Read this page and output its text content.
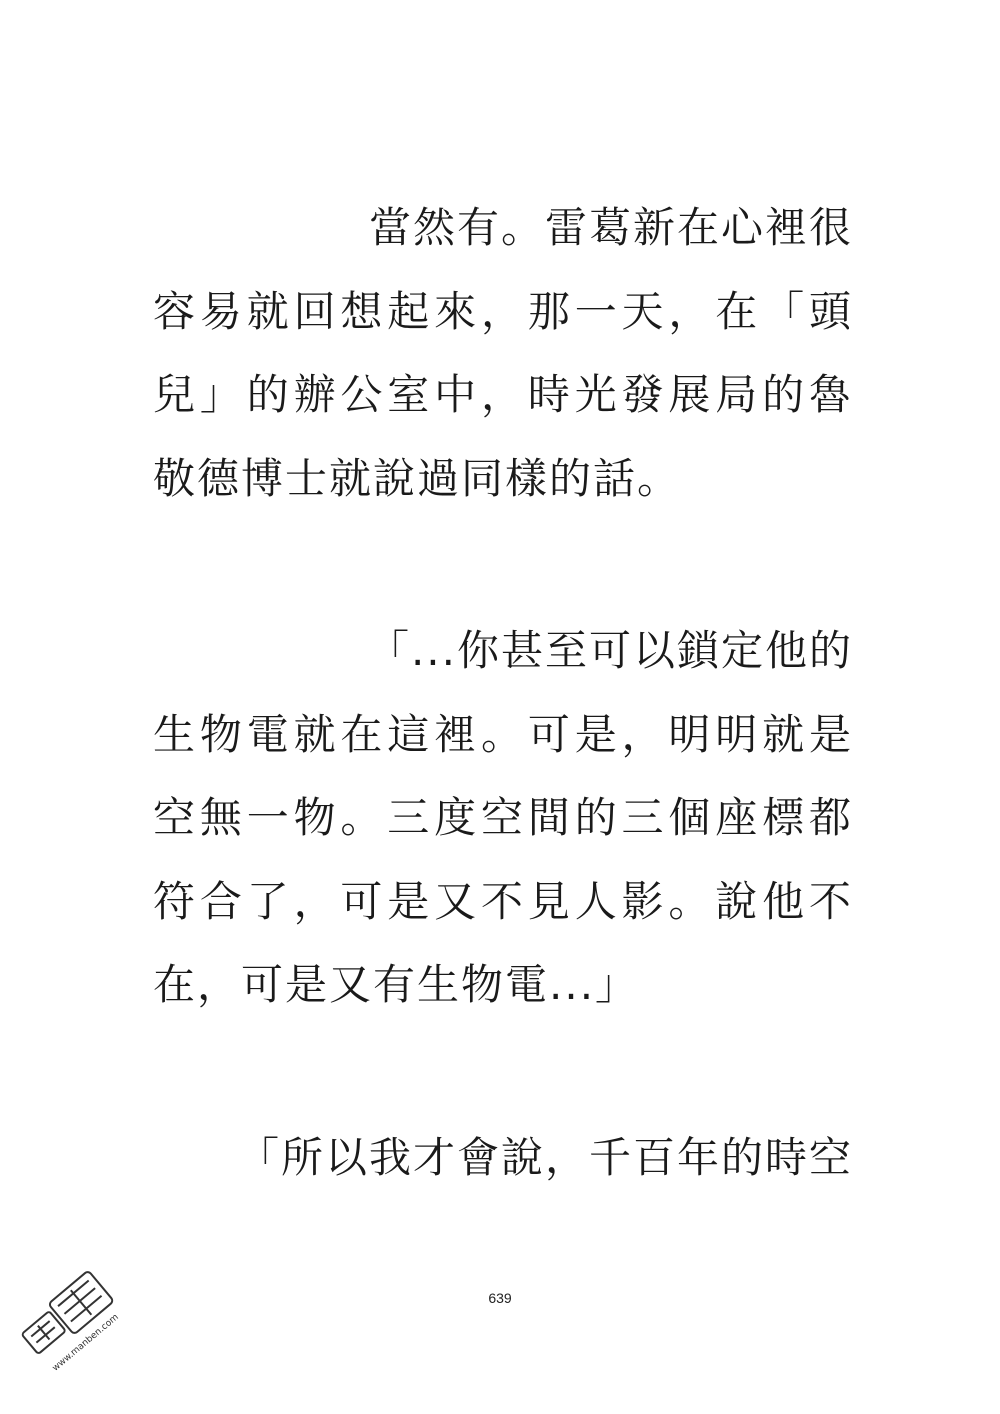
當然有。雷葛新在心裡很
容易就回想起來，那一天，在「頭
兒」的辦公室中，時光發展局的魯
敬德博士就說過同樣的話。
「...你甚至可以鎖定他的
生物電就在這裡。可是，明明就是
空無一物。三度空間的三個座標都
符合了，可是又不見人影。說他不
在，可是又有生物電...」
「所以我才會說，千百年的時空
639
www.manben.com
